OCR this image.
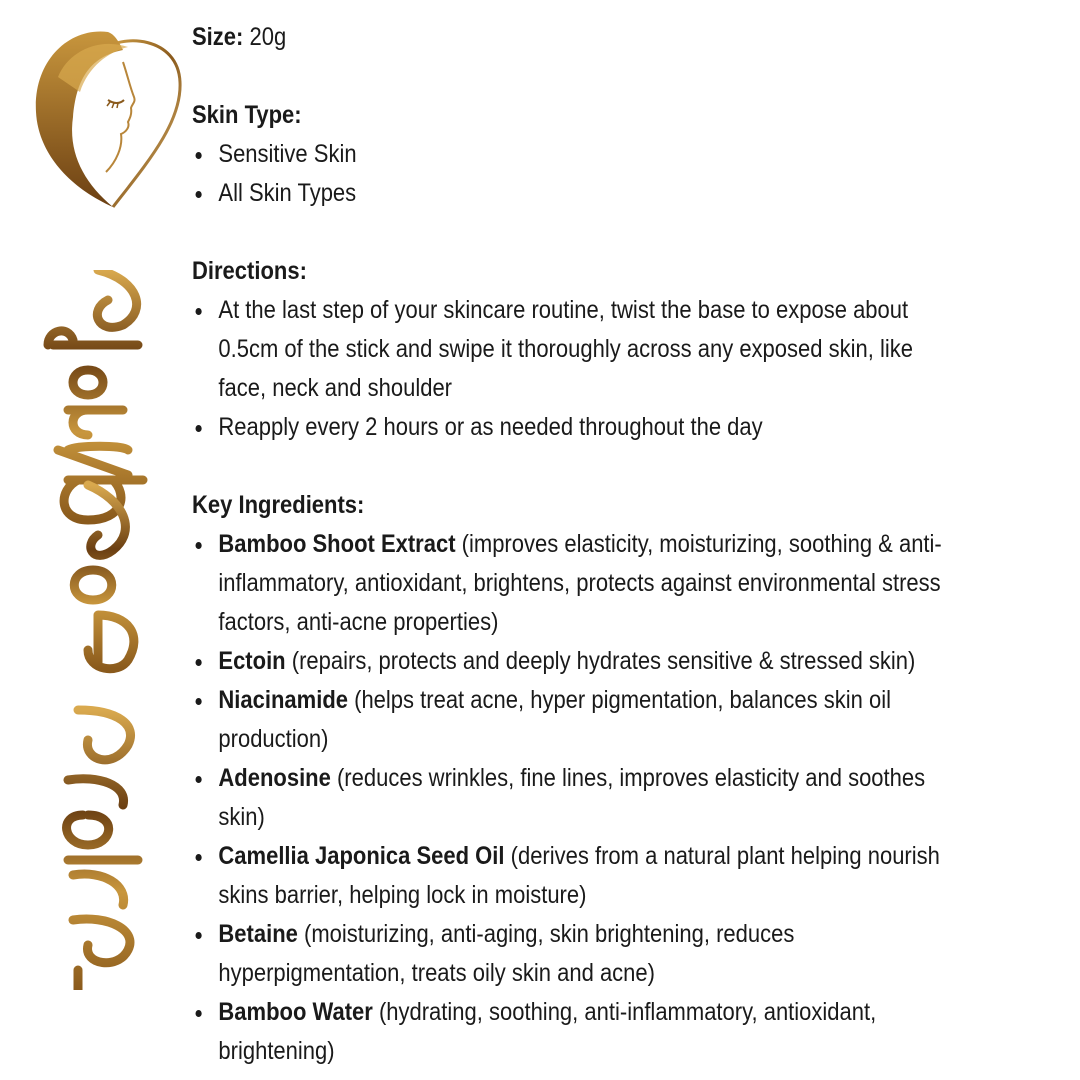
Size: 20g
Skin Type:
Sensitive Skin
All Skin Types
Directions:
At the last step of your skincare routine, twist the base to expose about 0.5cm of the stick and swipe it thoroughly across any exposed skin, like face, neck and shoulder
Reapply every 2 hours or as needed throughout the day
Key Ingredients:
Bamboo Shoot Extract (improves elasticity, moisturizing, soothing & anti-inflammatory, antioxidant, brightens, protects against environmental stress factors, anti-acne properties)
Ectoin (repairs, protects and deeply hydrates sensitive & stressed skin)
Niacinamide (helps treat acne, hyper pigmentation, balances skin oil production)
Adenosine (reduces wrinkles, fine lines, improves elasticity and soothes skin)
Camellia Japonica Seed Oil (derives from a natural plant helping nourish skins barrier, helping lock in moisture)
Betaine (moisturizing, anti-aging, skin brightening, reduces hyperpigmentation, treats oily skin and acne)
Bamboo Water (hydrating, soothing, anti-inflammatory, antioxidant, brightening)
